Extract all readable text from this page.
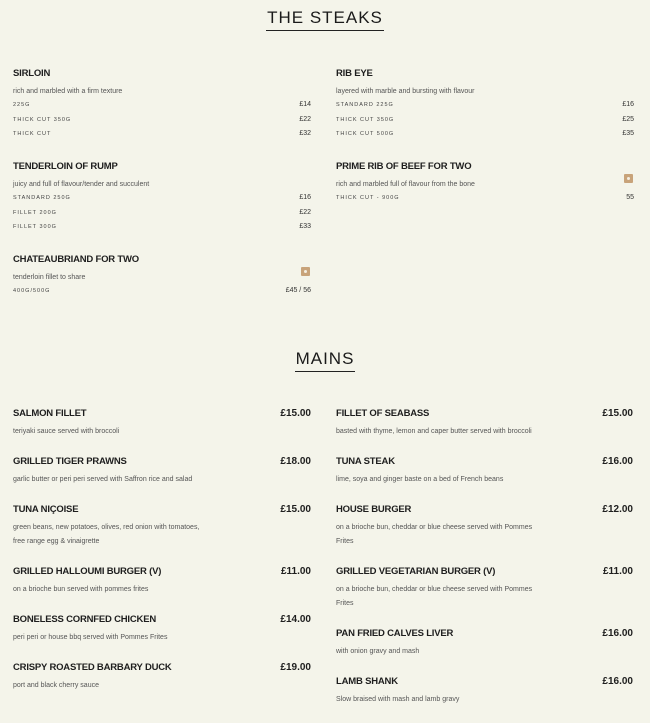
THE STEAKS
SIRLOIN
rich and marbled with a firm texture
225G	£14
THICK CUT 350G	£22
THICK CUT	£32
TENDERLOIN OF RUMP
juicy and full of flavour/tender and succulent
STANDARD 250G	£16
FILLET 200G	£22
FILLET 300G	£33
CHATEAUBRIAND FOR TWO
tenderloin fillet to share
400G/500G	£45 / 56
RIB EYE
layered with marble and bursting with flavour
STANDARD 225G	£16
THICK CUT 350G	£25
THICK CUT 500G	£35
PRIME RIB OF BEEF FOR TWO
rich and marbled full of flavour from the bone
THICK CUT - 900G	55
MAINS
SALMON FILLET	£15.00
teriyaki sauce served with broccoli
GRILLED TIGER PRAWNS	£18.00
garlic butter or peri peri served with Saffron rice and salad
TUNA NIÇOISE	£15.00
green beans, new potatoes, olives, red onion with tomatoes, free range egg & vinaigrette
GRILLED HALLOUMI BURGER (V)	£11.00
on a brioche bun served with pommes frites
BONELESS CORNFED CHICKEN	£14.00
peri peri or house bbq served with Pommes Frites
CRISPY ROASTED BARBARY DUCK	£19.00
port and black cherry sauce
FILLET OF SEABASS	£15.00
basted with thyme, lemon and caper butter served with broccoli
TUNA STEAK	£16.00
lime, soya and ginger baste on a bed of French beans
HOUSE BURGER	£12.00
on a brioche bun, cheddar or blue cheese served with Pommes Frites
GRILLED VEGETARIAN BURGER (V)	£11.00
on a brioche bun, cheddar or blue cheese served with Pommes Frites
PAN FRIED CALVES LIVER	£16.00
with onion gravy and mash
LAMB SHANK	£16.00
Slow braised with mash and lamb gravy
